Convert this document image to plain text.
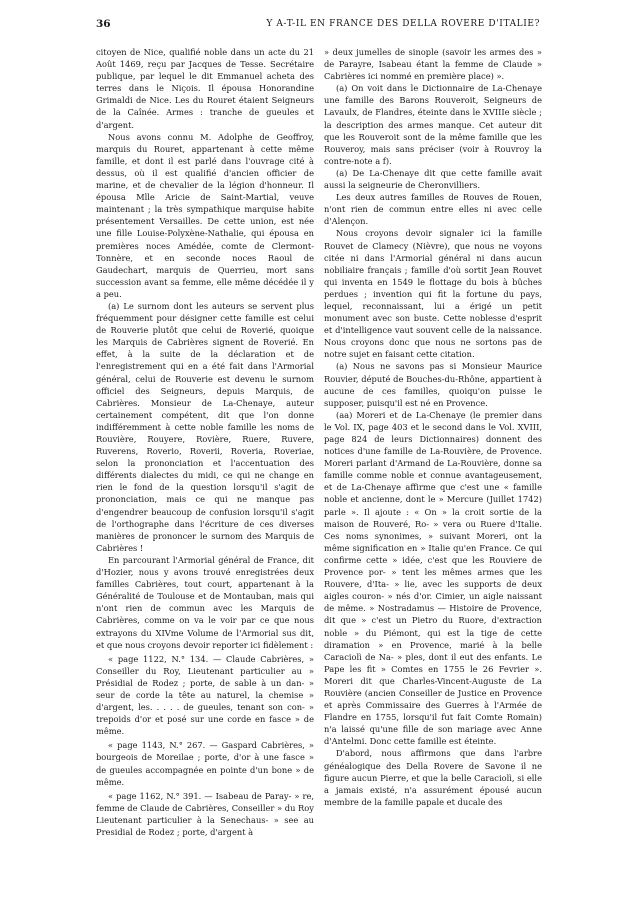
36	Y A-T-IL EN FRANCE DES DELLA ROVERE D'ITALIE?

citoyen de Nice, qualifié noble dans un acte du 21 Août 1469, reçu par Jacques de Tesse. Secrétaire publique, par lequel le dit Emmanuel acheta des terres dans le Niçois. Il épousa Honorandine Grimaldi de Nice. Les du Rouret étaient Seigneurs de la Caînée. Armes : tranche de gueules et d'argent.

Nous avons connu M. Adolphe de Geoffroy, marquis du Rouret, appartenant à cette même famille, et dont il est parlé dans l'ouvrage cité à dessus, où il est qualifié d'ancien officier de marine, et de chevalier de la légion d'honneur. Il épousa Mlle Aricie de Saint-Martial, veuve maintenant ; la très sympathique marquise habite présentement Versailles. De cette union, est née une fille Louise-Polyxène-Nathalie, qui épousa en premières noces Amédée, comte de Clermont-Tonnère, et en seconde noces Raoul de Gaudechart, marquis de Querrieu, mort sans succession avant sa femme, elle même décédée il y a peu.

(a) Le surnom dont les auteurs se servent plus fréquemment pour désigner cette famille est celui de Rouverie plutôt que celui de Roverié, quoique les Marquis de Cabrières signent de Roverié. En effet, à la suite de la déclaration et de l'enregistrement qui en a été fait dans l'Armorial général, celui de Rouverie est devenu le surnom officiel des Seigneurs, depuis Marquis, de Cabrières. Monsieur de La-Chenaye, auteur certainement compétent, dit que l'on donne indifféremment à cette noble famille les noms de Rouvière, Rouyere, Rovière, Ruere, Ruvere, Ruverens, Roverio, Roverii, Roveria, Roveriae, selon la prononciation et l'accentuation des différents dialectes du midi, ce qui ne change en rien le fond de la question lorsqu'il s'agit de prononciation, mais ce qui ne manque pas d'engendrer beaucoup de confusion lorsqu'il s'agit de l'orthographe dans l'écriture de ces diverses manières de prononcer le surnom des Marquis de Cabrières !

En parcourant l'Armorial général de France, dit d'Hozier, nous y avons trouvé enregistrées deux familles Cabrières, tout court, appartenant à la Généralité de Toulouse et de Montauban, mais qui n'ont rien de commun avec les Marquis de Cabrières, comme on va le voir par ce que nous extrayons du XIVme Volume de l'Armorial sus dit, et que nous croyons devoir reporter ici fidèlement :

« page 1122, N.° 134. — Claude Cabrières, » Conseiller du Roy, Lieutenant particulier au » Présidial de Rodez ; porte, de sable à un dan- » seur de corde la tête au naturel, la chemise » d'argent, les. . . . . de gueules, tenant son con- » trepoids d'or et posé sur une corde en fasce » de même.

« page 1143, N.° 267. — Gaspard Cabrières, » bourgeois de Moreilae ; porte, d'or à une fasce » de gueules accompagnée en pointe d'un bone » de même.

« page 1162, N.° 391. — Isabeau de Paray- » re, femme de Claude de Cabrières, Conseiller » du Roy Lieutenant particulier à la Senechaus- » see au Presidial de Rodez ; porte, d'argent à

» deux jumelles de sinople (savoir les armes des » de Parayre, Isabeau étant la femme de Claude » Cabrières ici nommé en première place) ».

(a) On voit dans le Dictionnaire de La-Chenaye une famille des Barons Rouveroit, Seigneurs de Lavaulx, de Flandres, éteinte dans le XVIIIe siècle ; la description des armes manque. Cet auteur dit que les Rouveroit sont de la même famille que les Rouveroy, mais sans préciser (voir à Rouvroy la contre-note a f).

(a) De La-Chenaye dit que cette famille avait aussi la seigneurie de Cheronvilliers.

Les deux autres familles de Rouves de Rouen, n'ont rien de commun entre elles ni avec celle d'Alençon.

Nous croyons devoir signaler ici la famille Rouvet de Clamecy (Nièvre), que nous ne voyons citée ni dans l'Armorial général ni dans aucun nobiliaire français ; famille d'où sortit Jean Rouvet qui inventa en 1549 le flottage du bois à bûches perdues ; invention qui fit la fortune du pays, lequel, reconnaissant, lui a érigé un petit monument avec son buste. Cette noblesse d'esprit et d'intelligence vaut souvent celle de la naissance. Nous croyons donc que nous ne sortons pas de notre sujet en faisant cette citation.

(a) Nous ne savons pas si Monsieur Maurice Rouvier, député de Bouches-du-Rhône, appartient à aucune de ces familles, quoiqu'on puisse le supposer, puisqu'il est né en Provence.

(aa) Moreri et de La-Chenaye (le premier dans le Vol. IX, page 403 et le second dans le Vol. XVIII, page 824 de leurs Dictionnaires) donnent des notices d'une famille de La-Rouvière, de Provence. Moreri parlant d'Armand de La-Rouvière, donne sa famille comme noble et connue avantageusement, et de La-Chenaye affirme que c'est une « famille noble et ancienne, dont le » Mercure (Juillet 1742) parle ». Il ajoute : « On » la croit sortie de la maison de Rouveré, Ro- » vera ou Ruere d'Italie. Ces noms synonimes, » suivant Moreri, ont la même signification en » Italie qu'en France. Ce qui confirme cette » idée, c'est que les Rouviere de Provence por- » tent les mêmes armes que les Rouvere, d'Ita- » lie, avec les supports de deux aigles couron- » nés d'or. Cimier, un aigle naissant de même. » Nostradamus — Histoire de Provence, dit que » c'est un Pietro du Ruore, d'extraction noble » du Piémont, qui est la tige de cette diramation » en Provence, marié à la belle Caraciolì de Na- » ples, dont il eut des enfants. Le Pape les fit » Comtes en 1755 le 26 Fevrier ». Moreri dit que Charles-Vincent-Auguste de La Rouvière (ancien Conseiller de Justice en Provence et après Commissaire des Guerres à l'Armée de Flandre en 1755, lorsqu'il fut fait Comte Romain) n'a laissé qu'une fille de son mariage avec Anne d'Antelmi. Donc cette famille est éteinte.

D'abord, nous affirmons que dans l'arbre généalogique des Della Rovere de Savone il ne figure aucun Pierre, et que la belle Caraciolì, si elle a jamais existé, n'a assurément épousé aucun membre de la famille papale et ducale des
